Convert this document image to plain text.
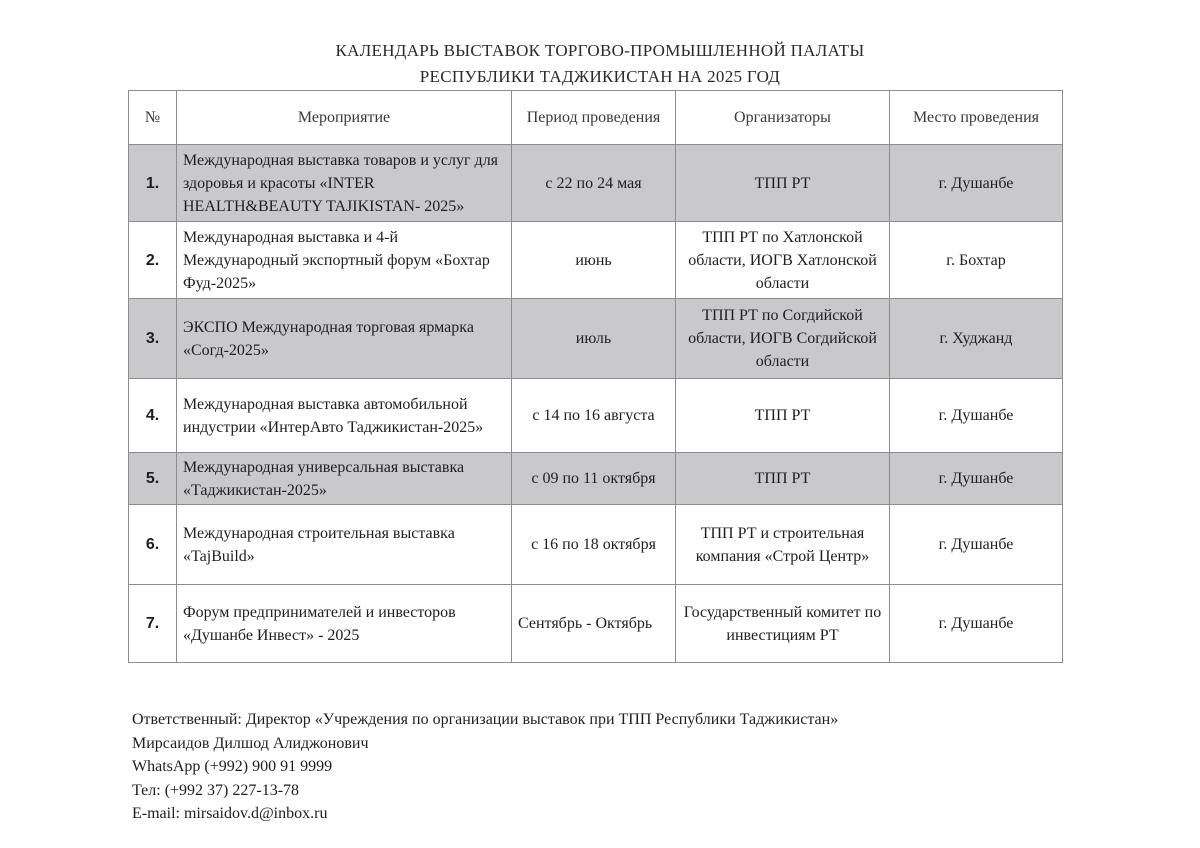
КАЛЕНДАРЬ ВЫСТАВОК ТОРГОВО-ПРОМЫШЛЕННОЙ ПАЛАТЫ
РЕСПУБЛИКИ ТАДЖИКИСТАН НА 2025 ГОД
№	Мероприятие	Период проведения	Организаторы	Место проведения
1.	Международная выставка товаров и услуг для здоровья и красоты «INTER HEALTH&BEAUTY TAJIKISTAN- 2025»	с 22 по 24 мая	ТПП РТ	г. Душанбе
2.	Международная выставка и 4-й Международный экспортный форум «Бохтар Фуд-2025»	июнь	ТПП РТ по Хатлонской области, ИОГВ Хатлонской области	г. Бохтар
3.	ЭКСПО Международная торговая ярмарка «Согд-2025»	июль	ТПП РТ по Согдийской области, ИОГВ Согдийской области	г. Худжанд
4.	Международная выставка автомобильной индустрии «ИнтерАвто Таджикистан-2025»	с 14 по 16 августа	ТПП РТ	г. Душанбе
5.	Международная универсальная выставка «Таджикистан-2025»	с 09 по 11 октября	ТПП РТ	г. Душанбе
6.	Международная строительная выставка «TajBuild»	с 16 по 18 октября	ТПП РТ и строительная компания «Строй Центр»	г. Душанбе
7.	Форум предпринимателей и инвесторов «Душанбе Инвест» - 2025	Сентябрь - Октябрь	Государственный комитет по инвестициям РТ	г. Душанбе
Ответственный: Директор «Учреждения по организации выставок при ТПП Республики Таджикистан»
Мирсаидов Дилшод Алиджонович
WhatsApp (+992) 900 91 9999
Тел: (+992 37) 227-13-78
E-mail: mirsaidov.d@inbox.ru
